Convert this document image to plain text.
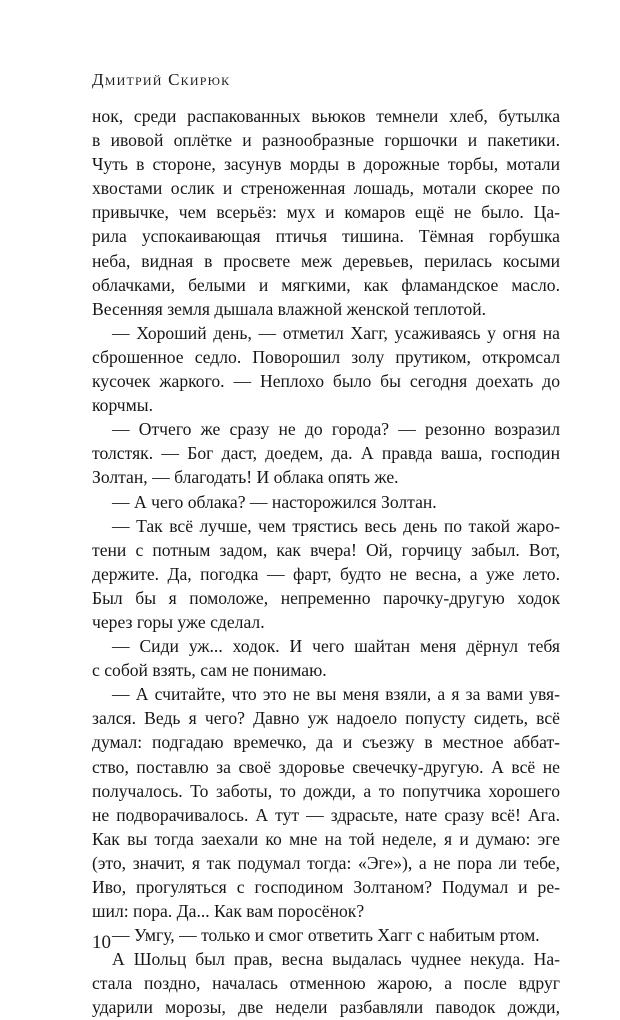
Дмитрий Скирюк
нок, среди распакованных вьюков темнели хлеб, бутылка
в ивовой оплётке и разнообразные горшочки и пакетики.
Чуть в стороне, засунув морды в дорожные торбы, мотали
хвостами ослик и стреноженная лошадь, мотали скорее по
привычке, чем всерьёз: мух и комаров ещё не было. Ца-
рила успокаивающая птичья тишина. Тёмная горбушка
неба, видная в просвете меж деревьев, перилась косыми
облачками, белыми и мягкими, как фламандское масло.
Весенняя земля дышала влажной женской теплотой.
— Хороший день, — отметил Хагг, усаживаясь у огня на
сброшенное седло. Поворошил золу прутиком, откромсал
кусочек жаркого. — Неплохо было бы сегодня доехать до
корчмы.
— Отчего же сразу не до города? — резонно возразил
толстяк. — Бог даст, доедем, да. А правда ваша, господин
Золтан, — благодать! И облака опять же.
— А чего облака? — насторожился Золтан.
— Так всё лучше, чем трястись весь день по такой жаро-
тени с потным задом, как вчера! Ой, горчицу забыл. Вот,
держите. Да, погодка — фарт, будто не весна, а уже лето.
Был бы я помоложе, непременно парочку-другую ходок
через горы уже сделал.
— Сиди уж... ходок. И чего шайтан меня дёрнул тебя
с собой взять, сам не понимаю.
— А считайте, что это не вы меня взяли, а я за вами увя-
зался. Ведь я чего? Давно уж надоело попусту сидеть, всё
думал: подгадаю времечко, да и съезжу в местное аббат-
ство, поставлю за своё здоровье свечечку-другую. А всё не
получалось. То заботы, то дожди, а то попутчика хорошего
не подворачивалось. А тут — здрасьте, нате сразу всё! Ага.
Как вы тогда заехали ко мне на той неделе, я и думаю: эге
(это, значит, я так подумал тогда: «Эге»), а не пора ли тебе,
Иво, прогуляться с господином Золтаном? Подумал и ре-
шил: пора. Да... Как вам поросёнок?
— Умгу, — только и смог ответить Хагг с набитым ртом.
А Шольц был прав, весна выдалась чуднее некуда. На-
стала поздно, началась отменною жарою, а после вдруг
ударили морозы, две недели разбавляли паводок дожди,
10
